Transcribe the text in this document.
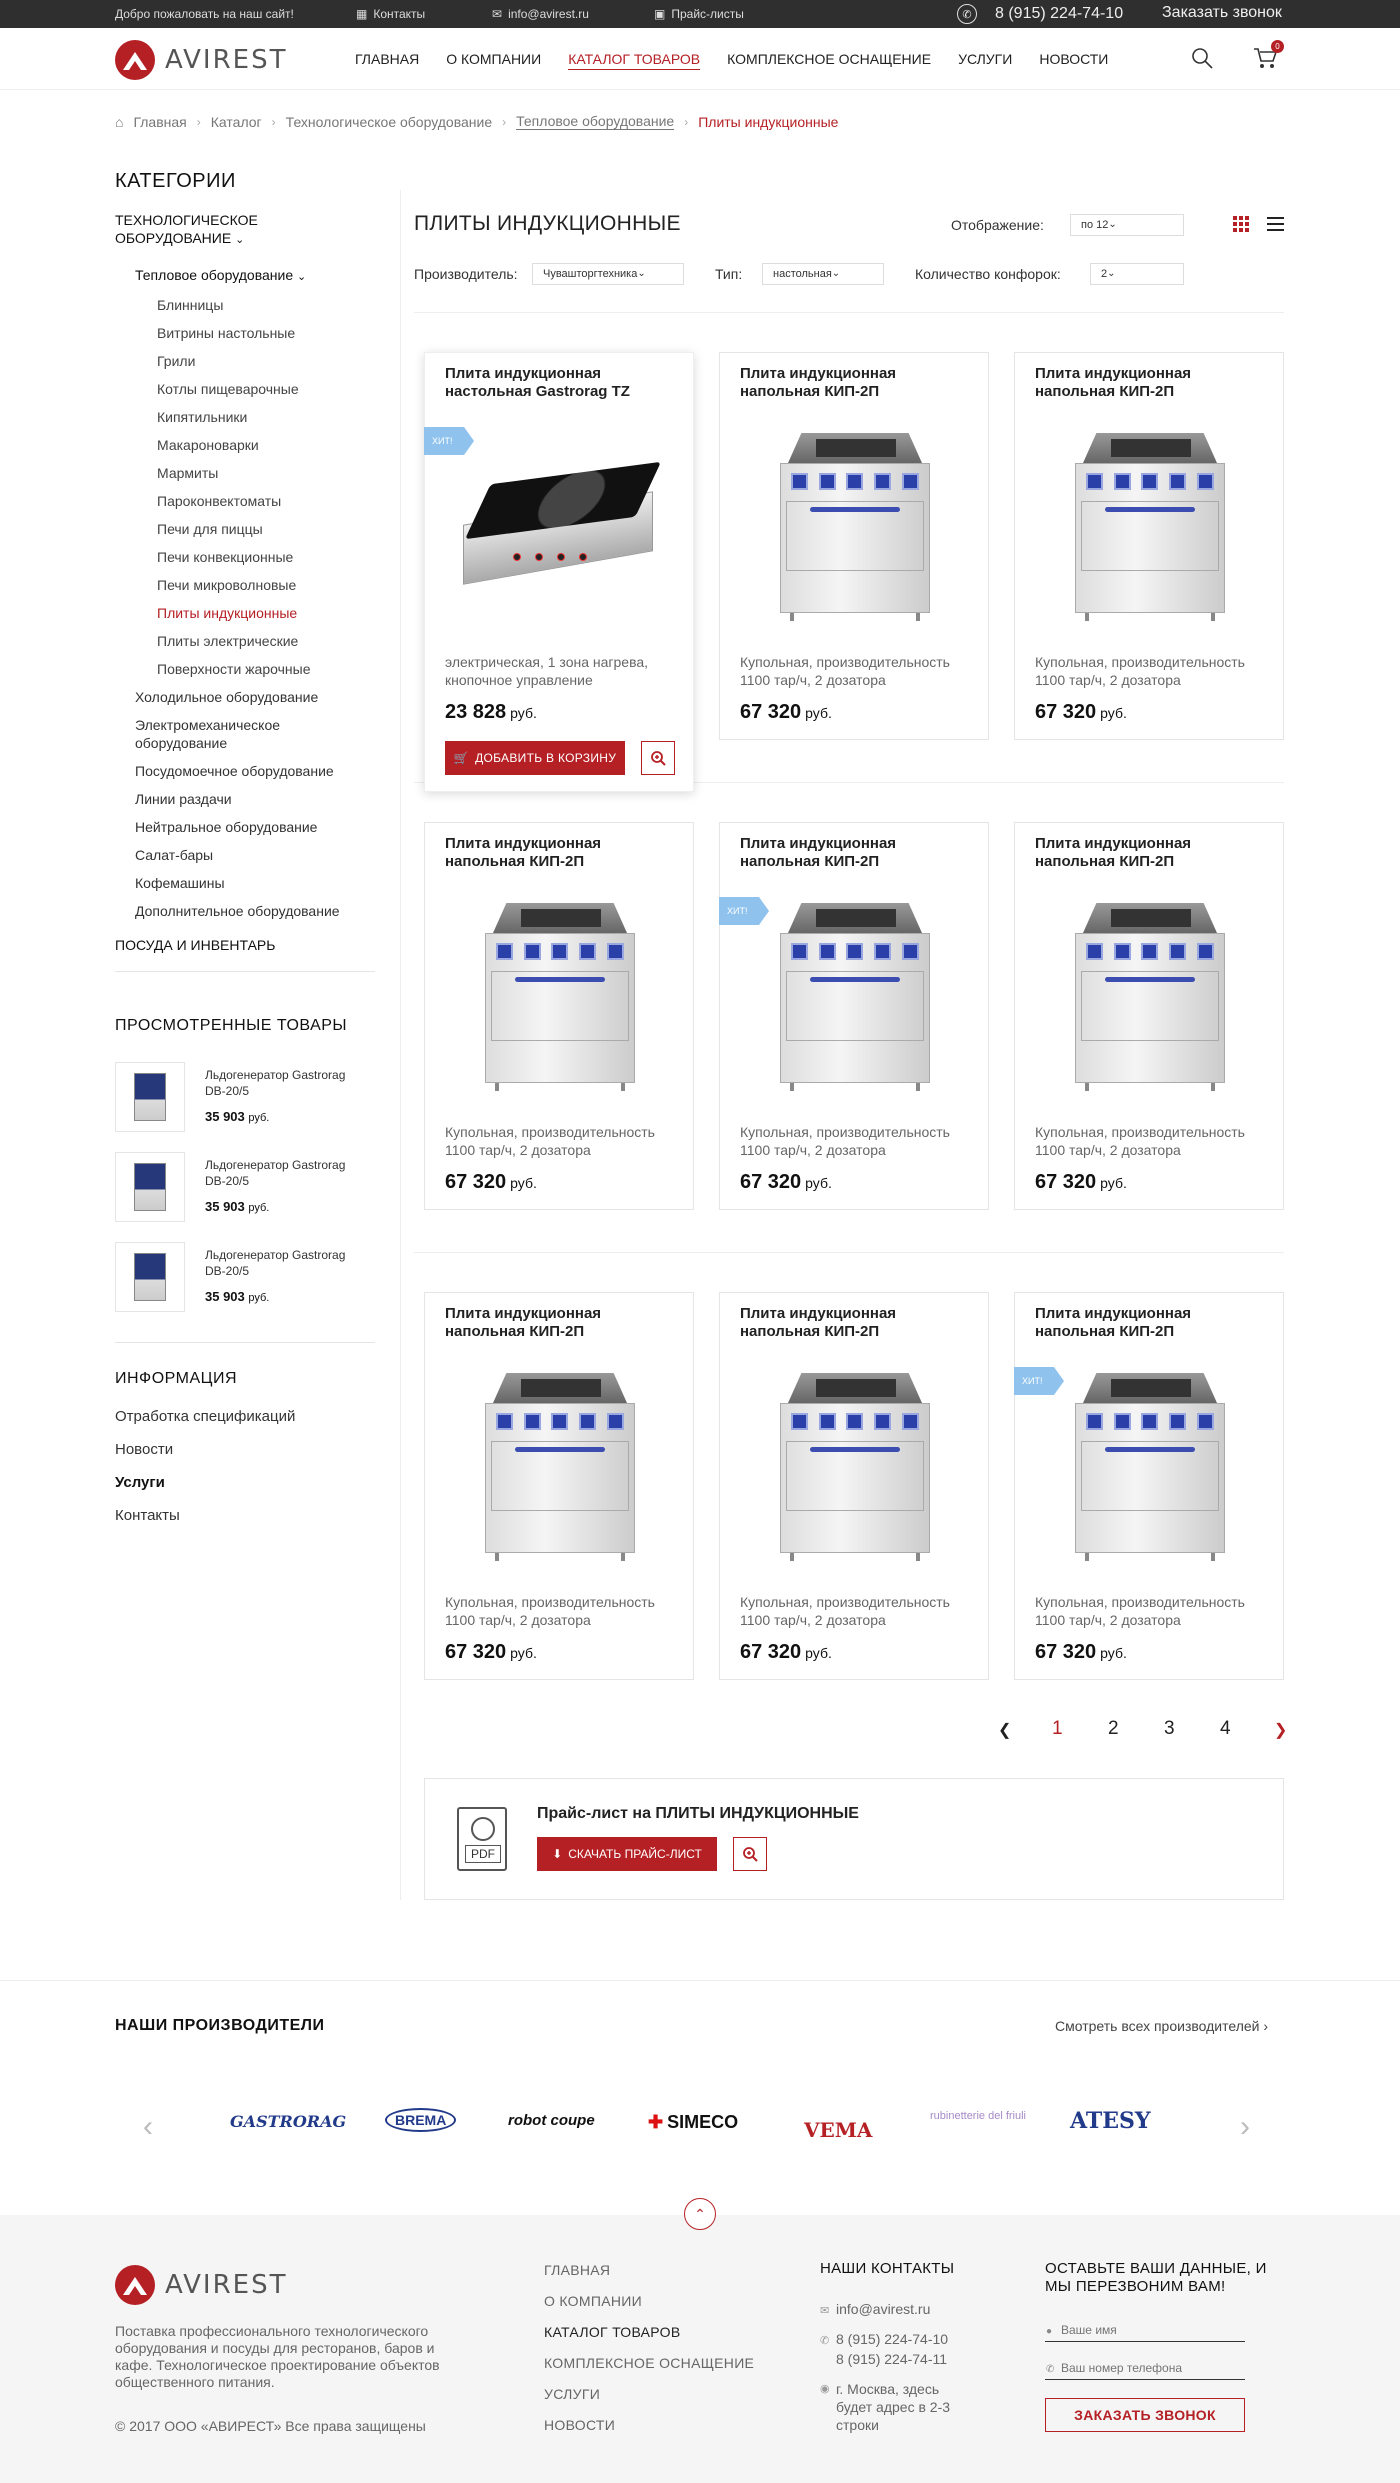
Добро пожаловать на наш сайт!	▦ Контакты	✉ info@avirest.ru	▣ Прайс-листы	✆	8 (915) 224-74-10 Заказать звонок
AVIREST	ГЛАВНАЯ О КОМПАНИИ КАТАЛОГ ТОВАРОВ КОМПЛЕКСНОЕ ОСНАЩЕНИЕ УСЛУГИ НОВОСТИ
0
⌂ Главная › Каталог › Технологическое оборудование › Тепловое оборудование › Плиты индукционные
КАТЕГОРИИ
ТЕХНОЛОГИЧЕСКОЕ ОБОРУДОВАНИЕ ⌄
Тепловое оборудование ⌄
Блинницы
Витрины настольные
Грили
Котлы пищеварочные
Кипятильники
Макароноварки
Мармиты
Пароконвектоматы
Печи для пиццы
Печи конвекционные
Печи микроволновые
Плиты индукционные
Плиты электрические
Поверхности жарочные
Холодильное оборудование
Электромеханическое оборудование
Посудомоечное оборудование
Линии раздачи
Нейтральное оборудование
Салат-бары
Кофемашины
Дополнительное оборудование
ПОСУДА И ИНВЕНТАРЬ
ПРОСМОТРЕННЫЕ ТОВАРЫ
Льдогенератор Gastrorag DB-20/5
35 903 руб.
Льдогенератор Gastrorag DB-20/5
35 903 руб.
Льдогенератор Gastrorag DB-20/5
35 903 руб.
ИНФОРМАЦИЯ
Отработка спецификаций
Новости
Услуги
Контакты
ПЛИТЫ ИНДУКЦИОННЫЕ	Отображение:	по 12 ⌄
Производитель:	Чувашторгтехника ⌄	Тип:	настольная ⌄	Количество конфорок:	2 ⌄
Плита индукционная настольная Gastrorag TZ
ХИТ!
электрическая, 1 зона нагрева, кнопочное управление
23 828 руб.
🛒 ДОБАВИТЬ В КОРЗИНУ
Плита индукционная напольная КИП-2П
Купольная, производительность 1100 тар/ч, 2 дозатора
67 320 руб.
Плита индукционная напольная КИП-2П
Купольная, производительность 1100 тар/ч, 2 дозатора
67 320 руб.
Плита индукционная напольная КИП-2П
Купольная, производительность 1100 тар/ч, 2 дозатора
67 320 руб.
Плита индукционная напольная КИП-2П
ХИТ!
Купольная, производительность 1100 тар/ч, 2 дозатора
67 320 руб.
Плита индукционная напольная КИП-2П
Купольная, производительность 1100 тар/ч, 2 дозатора
67 320 руб.
Плита индукционная напольная КИП-2П
Купольная, производительность 1100 тар/ч, 2 дозатора
67 320 руб.
Плита индукционная напольная КИП-2П
Купольная, производительность 1100 тар/ч, 2 дозатора
67 320 руб.
Плита индукционная напольная КИП-2П
ХИТ!
Купольная, производительность 1100 тар/ч, 2 дозатора
67 320 руб.
❮ 1 2 3 4	❯
PDF
Прайс-лист на ПЛИТЫ ИНДУКЦИОННЫЕ
⬇ СКАЧАТЬ ПРАЙС-ЛИСТ
НАШИ ПРОИЗВОДИТЕЛИ	Смотреть всех производителей ›
‹	GASTRORAG	BREMA	robot coupe	✚ SIMECO	VEMA
rubinetterie del friuli	ATESY	›
⌃
AVIREST
Поставка профессионального технологического оборудования и посуды для ресторанов, баров и кафе. Технологическое проектирование объектов общественного питания.
© 2017 ООО «АВИРЕСТ» Все права защищены
ГЛАВНАЯ
О КОМПАНИИ
КАТАЛОГ ТОВАРОВ
КОМПЛЕКСНОЕ ОСНАЩЕНИЕ
УСЛУГИ
НОВОСТИ
НАШИ КОНТАКТЫ
✉ info@avirest.ru
✆ 8 (915) 224-74-10
8 (915) 224-74-11
◉ г. Москва, здесь будет адрес в 2-3 строки
ОСТАВЬТЕ ВАШИ ДАННЫЕ, И МЫ ПЕРЕЗВОНИМ ВАМ!
●
Ваше имя
✆
Ваш номер телефона
ЗАКАЗАТЬ ЗВОНОК
